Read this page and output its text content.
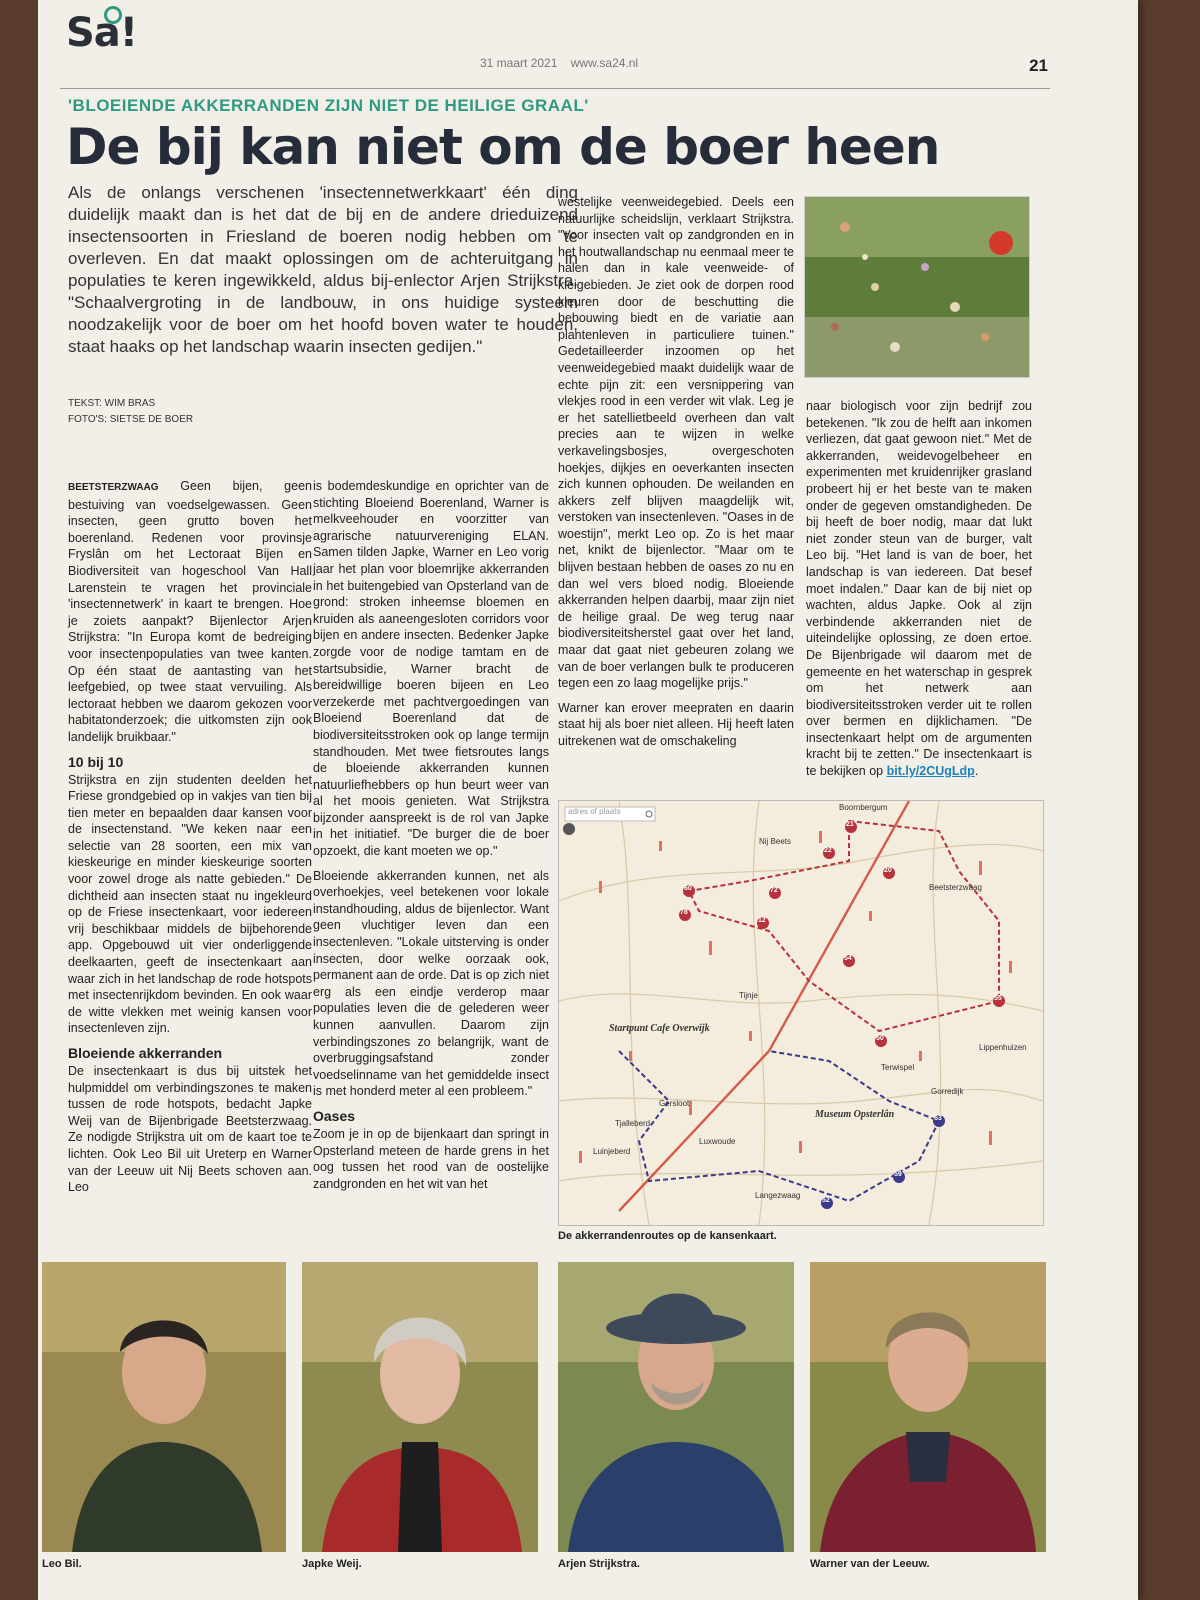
Sa!
31 maart 2021 www.sa24.nl	21
'BLOEIENDE AKKERRANDEN ZIJN NIET DE HEILIGE GRAAL'
De bij kan niet om de boer heen
Als de onlangs verschenen 'insectennetwerkkaart' één ding duidelijk maakt dan is het dat de bij en de andere drieduizend insectensoorten in Friesland de boeren nodig hebben om te overleven. En dat maakt oplossingen om de achteruitgang in populaties te keren ingewikkeld, aldus bij-enlector Arjen Strijkstra. "Schaalvergroting in de landbouw, in ons huidige systeem noodzakelijk voor de boer om het hoofd boven water te houden, staat haaks op het landschap waarin insecten gedijen."
TEKST: WIM BRAS
FOTO'S: SIETSE DE BOER

BEETSTERZWAAG Geen bijen, geen bestuiving van voedselgewassen. Geen insecten, geen grutto boven het boerenland. Redenen voor provinsje Fryslân om het Lectoraat Bijen en Biodiversiteit van hogeschool Van Hall Larenstein te vragen het provinciale 'insectennetwerk' in kaart te brengen. Hoe je zoiets aanpakt? Bijenlector Arjen Strijkstra: "In Europa komt de bedreiging voor insectenpopulaties van twee kanten. Op één staat de aantasting van het leefgebied, op twee staat vervuiling. Als lectoraat hebben we daarom gekozen voor habitatonderzoek; die uitkomsten zijn ook landelijk bruikbaar."

10 bij 10

Strijkstra en zijn studenten deelden het Friese grondgebied op in vakjes van tien bij tien meter en bepaalden daar kansen voor de insectenstand. "We keken naar een selectie van 28 soorten, een mix van kieskeurige en minder kieskeurige soorten voor zowel droge als natte gebieden." De dichtheid aan insecten staat nu ingekleurd op de Friese insectenkaart, voor iedereen vrij beschikbaar middels de bijbehorende app. Opgebouwd uit vier onderliggende deelkaarten, geeft de insectenkaart aan waar zich in het landschap de rode hotspots met insectenrijkdom bevinden. En ook waar de witte vlekken met weinig kansen voor insectenleven zijn.

Bloeiende akkerranden

De insectenkaart is dus bij uitstek het hulpmiddel om verbindingszones te maken tussen de rode hotspots, bedacht Japke Weij van de Bijenbrigade Beetsterzwaag. Ze nodigde Strijkstra uit om de kaart toe te lichten. Ook Leo Bil uit Ureterp en Warner van der Leeuw uit Nij Beets schoven aan. Leo

is bodemdeskundige en oprichter van de stichting Bloeiend Boerenland, Warner is melkveehouder en voorzitter van agrarische natuurvereniging ELAN. Samen tilden Japke, Warner en Leo vorig jaar het plan voor bloemrijke akkerranden in het buitengebied van Opsterland van de grond: stroken inheemse bloemen en kruiden als aaneengesloten corridors voor bijen en andere insecten. Bedenker Japke zorgde voor de nodige tamtam en de startsubsidie, Warner bracht de bereidwillige boeren bijeen en Leo verzekerde met pachtvergoedingen van Bloeiend Boerenland dat de biodiversiteitsstroken ook op lange termijn standhouden. Met twee fietsroutes langs de bloeiende akkerranden kunnen natuurliefhebbers op hun beurt weer van al het moois genieten. Wat Strijkstra bijzonder aanspreekt is de rol van Japke in het initiatief. "De burger die de boer opzoekt, die kant moeten we op."

Bloeiende akkerranden kunnen, net als overhoekjes, veel betekenen voor lokale instandhouding, aldus de bijenlector. Want geen vluchtiger leven dan een insectenleven. "Lokale uitsterving is onder insecten, door welke oorzaak ook, permanent aan de orde. Dat is op zich niet erg als een eindje verderop maar populaties leven die de gelederen weer kunnen aanvullen. Daarom zijn verbindingszones zo belangrijk, want de overbruggingsafstand zonder voedselinname van het gemiddelde insect is met honderd meter al een probleem."

Oases

Zoom je in op de bijenkaart dan springt in Opsterland meteen de harde grens in het oog tussen het rood van de oostelijke zandgronden en het wit van het

westelijke veenweidegebied. Deels een natuurlijke scheidslijn, verklaart Strijkstra. "Voor insecten valt op zandgronden en in het houtwallandschap nu eenmaal meer te halen dan in kale veenweide- of kleigebieden. Je ziet ook de dorpen rood kleuren door de beschutting die bebouwing biedt en de variatie aan plantenleven in particuliere tuinen." Gedetailleerder inzoomen op het veenweidegebied maakt duidelijk waar de echte pijn zit: een versnippering van vlekjes rood in een verder wit vlak. Leg je er het satellietbeeld overheen dan valt precies aan te wijzen in welke verkavelingsbosjes, overgeschoten hoekjes, dijkjes en oeverkanten insecten zich kunnen ophouden. De weilanden en akkers zelf blijven maagdelijk wit, verstoken van insectenleven. "Oases in de woestijn", merkt Leo op. Zo is het maar net, knikt de bijenlector. "Maar om te blijven bestaan hebben de oases zo nu en dan wel vers bloed nodig. Bloeiende akkerranden helpen daarbij, maar zijn niet de heilige graal. De weg terug naar biodiversiteitsherstel gaat over het land, maar dat gaat niet gebeuren zolang we van de boer verlangen bulk te produceren tegen een zo laag mogelijke prijs."

Warner kan erover meepraten en daarin staat hij als boer niet alleen. Hij heeft laten uitrekenen wat de omschakeling

naar biologisch voor zijn bedrijf zou betekenen. "Ik zou de helft aan inkomen verliezen, dat gaat gewoon niet." Met de akkerranden, weidevogelbeheer en experimenten met kruidenrijker grasland probeert hij er het beste van te maken onder de gegeven omstandigheden. De bij heeft de boer nodig, maar dat lukt niet zonder steun van de burger, valt Leo bij. "Het land is van de boer, het landschap is van iedereen. Dat besef moet indalen." Daar kan de bij niet op wachten, aldus Japke. Ook al zijn verbindende akkerranden niet de uiteindelijke oplossing, ze doen ertoe. De Bijenbrigade wil daarom met de gemeente en het waterschap in gesprek om het netwerk aan biodiversiteitsstroken verder uit te rollen over bermen en dijklichamen. "De insectenkaart helpt om de argumenten kracht bij te zetten." De insectenkaart is te bekijken op bit.ly/2CUgLdp.

adres of plaats	Boornbergum
Nij Beets
Beetsterzwaag
Tijnje
Startpunt Cafe Overwijk
Lippenhuizen
Terwispel
Gorredijk
Museum Opsterlân
Gersloot
Tjalleberd
Luinjeberd
Luxwoude
Langezwaag
21
22
60
78
72
12
54
20
55
50
63
59
52
De akkerrandenroutes op de kansenkaart.
Leo Bil.	Japke Weij.	Arjen Strijkstra.	Warner van der Leeuw.
